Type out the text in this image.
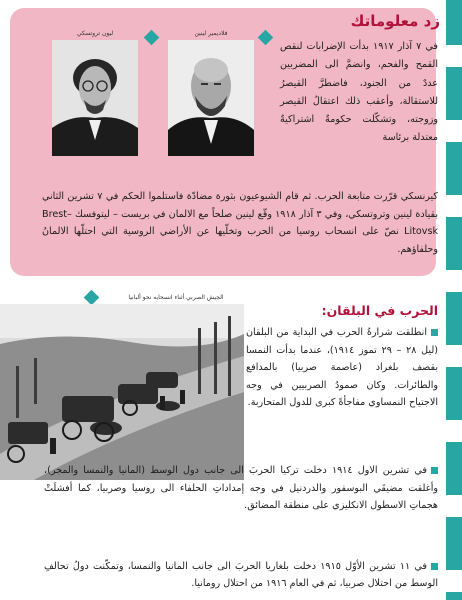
زد معلوماتك
فلاديمير لينين
ليون تروتسكي

في ٧ آذار ١٩١٧ بدأت الإضرابات لنقص القمح والفحم، وانضمَّ الى المضربين عددٌ من الجنود، فاضطرَّ القيصرُ للاستقالة، وأعقب ذلك اعتقالُ القيصر وزوجته، وتشكّلت حكومةٌ اشتراكيةٌ معتدلة برئاسة

كيرنسكي قرّرت متابعة الحرب. ثم قام الشيوعيون بثورة مضادّة فاستلموا الحكم في ٧ تشرين الثاني بقيادة لينين وتروتسكي، وفي ٣ آذار ١٩١٨ وقّع لينين صلحاً مع الالمان في بريست – ليتوفسك Brest–Litovsk نصّ على انسحاب روسيا من الحرب وتخلّيها عن الأراضي الروسية التي احتلّها الالمانُ وحلفاؤهم.

الجيش الصربي أثناء انسحابه نحو ألبانيا
الحرب في البلقان:

انطلقت شرارةُ الحرب في البداية من البلقان (ليل ٢٨ – ٢٩ تموز ١٩١٤)، عندما بدأت النمسا بقصف بلغراد (عاصمة صربيا) بالمدافع والطائرات. وكان صمودُ الصربيين في وجه الاجتياح النمساوي مفاجأةً كبرى للدول المتحاربة.

في تشرين الاول ١٩١٤ دخلت تركيا الحربَ الى جانب دول الوسط (المانيا والنمسا والمجر)، وأغلقت مضيقَي البوسفور والدردنيل في وجه إمداداتِ الحلفاء الى روسيا وصربيا، كما أفشلَتْ هجماتِ الاسطول الانكليزي على منطقة المضائق.

في ١١ تشرين الأوّل ١٩١٥ دخلت بلغاريا الحربَ الى جانب المانيا والنمسا، وتمكّنت دولُ تحالفِ الوسط من احتلال صربيا، ثم في العام ١٩١٦ من احتلال رومانيا.
